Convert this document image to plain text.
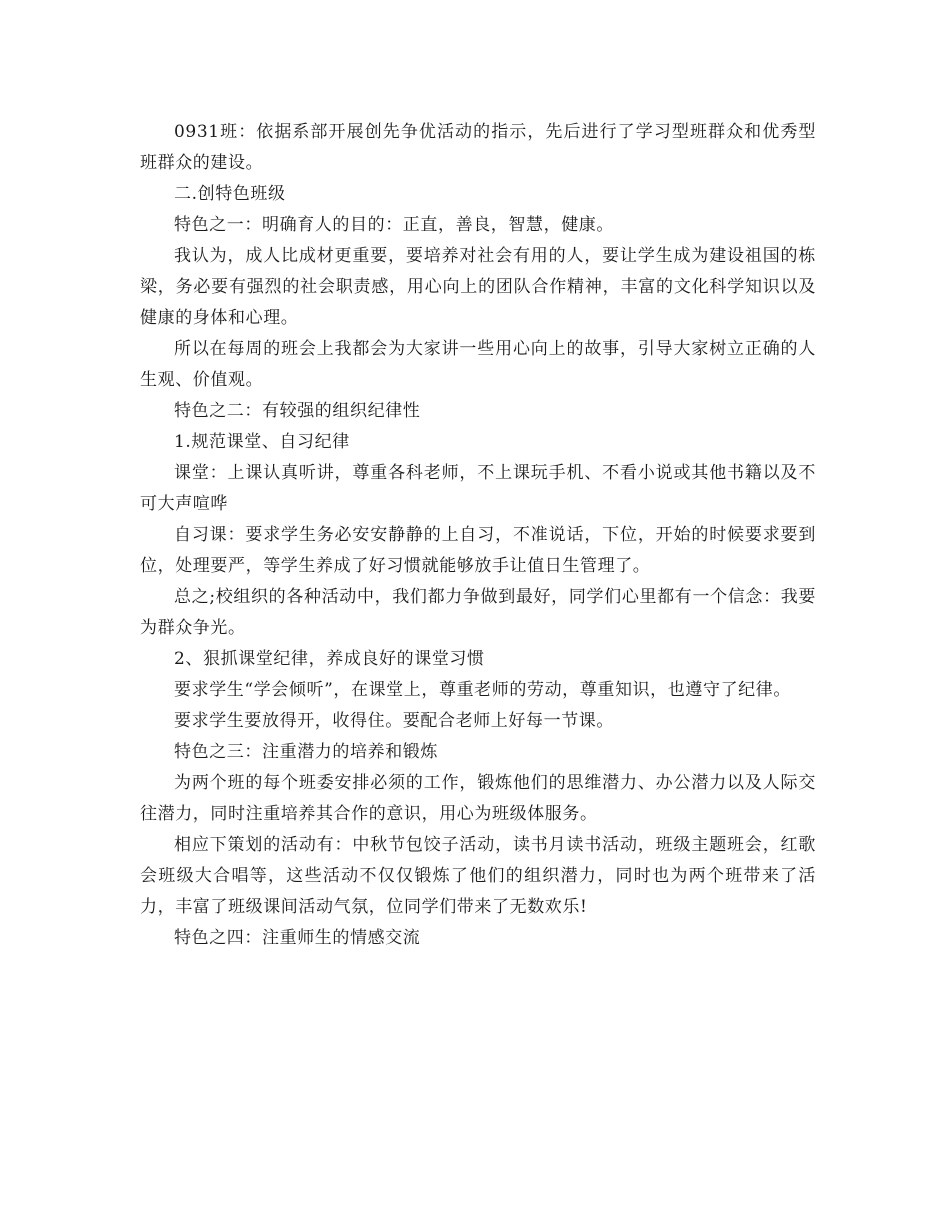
0931班：依据系部开展创先争优活动的指示，先后进行了学习型班群众和优秀型班群众的建设。

二.创特色班级

特色之一：明确育人的目的：正直，善良，智慧，健康。

我认为，成人比成材更重要，要培养对社会有用的人，要让学生成为建设祖国的栋梁，务必要有强烈的社会职责感，用心向上的团队合作精神，丰富的文化科学知识以及健康的身体和心理。

所以在每周的班会上我都会为大家讲一些用心向上的故事，引导大家树立正确的人生观、价值观。

特色之二：有较强的组织纪律性

1.规范课堂、自习纪律

课堂：上课认真听讲，尊重各科老师，不上课玩手机、不看小说或其他书籍以及不可大声喧哗

自习课：要求学生务必安安静静的上自习，不准说话，下位，开始的时候要求要到位，处理要严，等学生养成了好习惯就能够放手让值日生管理了。

总之;校组织的各种活动中，我们都力争做到最好，同学们心里都有一个信念：我要为群众争光。

2、狠抓课堂纪律，养成良好的课堂习惯

要求学生“学会倾听”，在课堂上，尊重老师的劳动，尊重知识，也遵守了纪律。

要求学生要放得开，收得住。要配合老师上好每一节课。

特色之三：注重潜力的培养和锻炼

为两个班的每个班委安排必须的工作，锻炼他们的思维潜力、办公潜力以及人际交往潜力，同时注重培养其合作的意识，用心为班级体服务。

相应下策划的活动有：中秋节包饺子活动，读书月读书活动，班级主题班会，红歌会班级大合唱等，这些活动不仅仅锻炼了他们的组织潜力，同时也为两个班带来了活力，丰富了班级课间活动气氛，位同学们带来了无数欢乐!

特色之四：注重师生的情感交流
